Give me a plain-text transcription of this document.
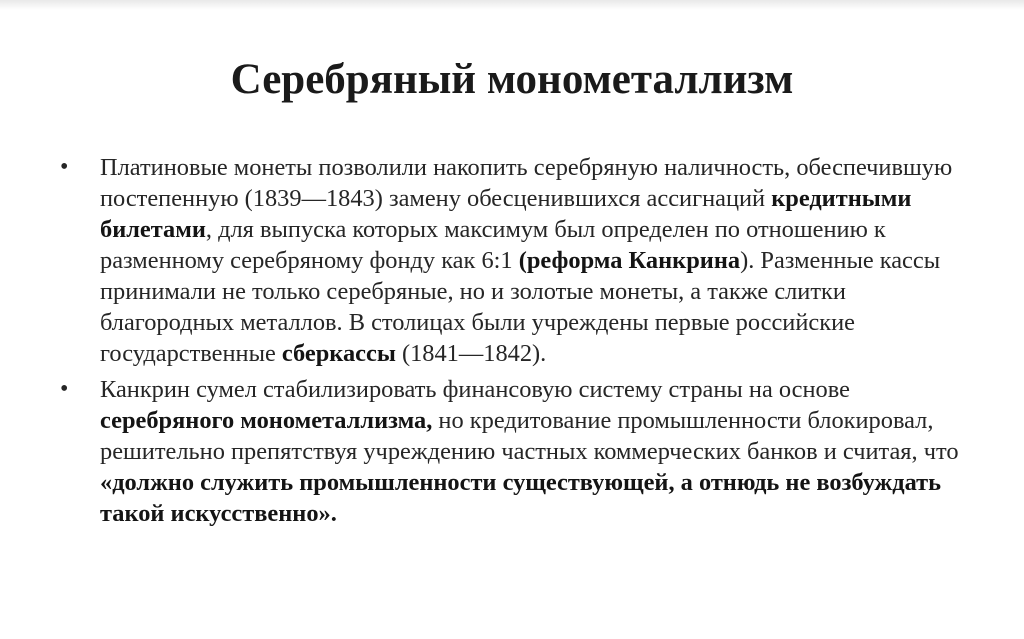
Серебряный монометаллизм
•	Платиновые монеты позволили накопить серебряную наличность, обеспечившую постепенную (1839—1843) замену обесценившихся ассигнаций кредитными билетами, для выпуска которых максимум был определен по отношению к разменному серебряному фонду как 6:1 (реформа Канкрина). Разменные кассы принимали не только серебряные, но и золотые монеты, а также слитки благородных металлов. В столицах были учреждены первые российские государственные сберкассы (1841—1842).

•	Канкрин сумел стабилизировать финансовую систему страны на основе серебряного монометаллизма, но кредитование промышленности блокировал, решительно препятствуя учреждению частных коммерческих банков и считая, что «должно служить промышленности существующей, а отнюдь не возбуждать такой искусственно».
